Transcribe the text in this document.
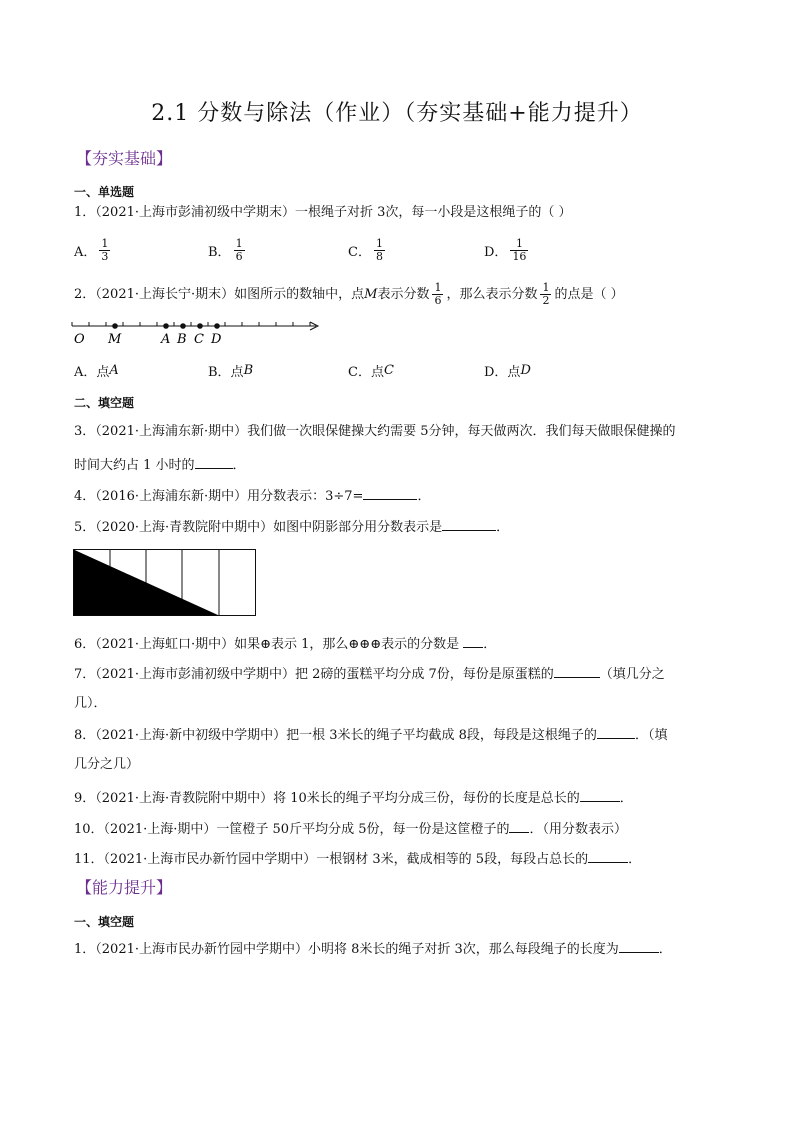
2.1 分数与除法（作业）（夯实基础+能力提升）
【夯实基础】
一、单选题
1．（2021·上海市彭浦初级中学期末）一根绳子对折 3次，每一小段是这根绳子的（ ）
A． $\frac{1}{3}$	B． $\frac{1}{6}$	C． $\frac{1}{8}$	D． $\frac{1}{16}$
2．（2021·上海长宁·期末）如图所示的数轴中，点 M 表示分数 $\frac{1}{6}$ ，那么表示分数 $\frac{1}{2}$ 的点是（ ）
O M	A B C D
A．点 A	B．点 B	C．点 C	D．点 D
二、填空题
3．（2021·上海浦东新·期中）我们做一次眼保健操大约需要 5分钟，每天做两次．我们每天做眼保健操的
时间大约占 1 小时的	．
4．（2016·上海浦东新·期中）用分数表示：3÷7=	．
5．（2020·上海·青教院附中期中）如图中阴影部分用分数表示是	．
6．（2021·上海虹口·期中）如果⊕表示 1，那么⊕⊕⊕表示的分数是 ．
7．（2021·上海市彭浦初级中学期中）把 2磅的蛋糕平均分成 7份，每份是原蛋糕的	（填几分之
几）．
8．（2021·上海·新中初级中学期中）把一根 3米长的绳子平均截成 8段，每段是这根绳子的	．（填
几分之几）
9．（2021·上海·青教院附中期中）将 10米长的绳子平均分成三份，每份的长度是总长的	．
10．（2021·上海·期中）一筐橙子 50斤平均分成 5份，每一份是这筐橙子的 ．（用分数表示）
11．（2021·上海市民办新竹园中学期中）一根钢材 3米，截成相等的 5段，每段占总长的	．
【能力提升】
一、填空题
1．（2021·上海市民办新竹园中学期中）小明将 8米长的绳子对折 3次，那么每段绳子的长度为	．
